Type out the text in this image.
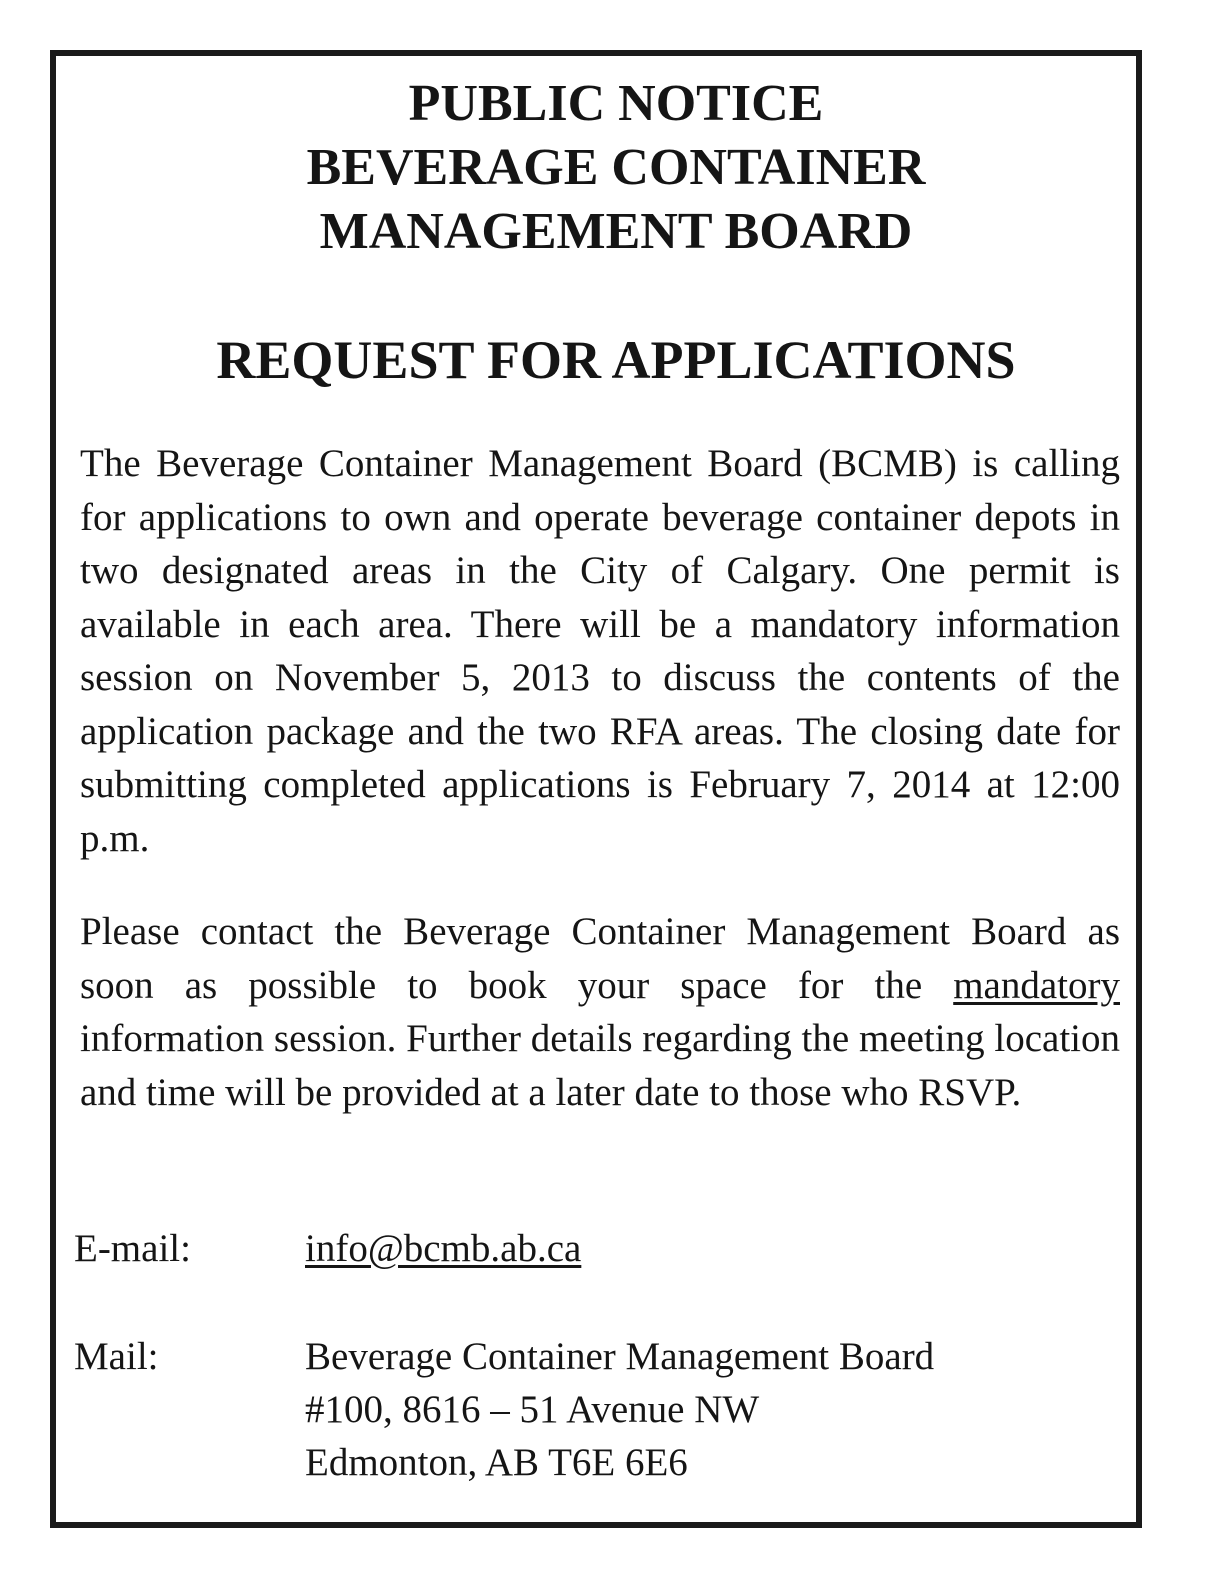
PUBLIC NOTICE
BEVERAGE CONTAINER
MANAGEMENT BOARD
REQUEST FOR APPLICATIONS

The Beverage Container Management Board (BCMB) is calling for applications to own and operate beverage container depots in two designated areas in the City of Calgary. One permit is available in each area. There will be a mandatory information session on November 5, 2013 to discuss the contents of the application package and the two RFA areas. The closing date for submitting completed applications is February 7, 2014 at 12:00 p.m.

Please contact the Beverage Container Management Board as soon as possible to book your space for the mandatory information session. Further details regarding the meeting location and time will be provided at a later date to those who RSVP.

E-mail:	info@bcmb.ab.ca
Mail:	Beverage Container Management Board
#100, 8616 – 51 Avenue NW
Edmonton, AB T6E 6E6
